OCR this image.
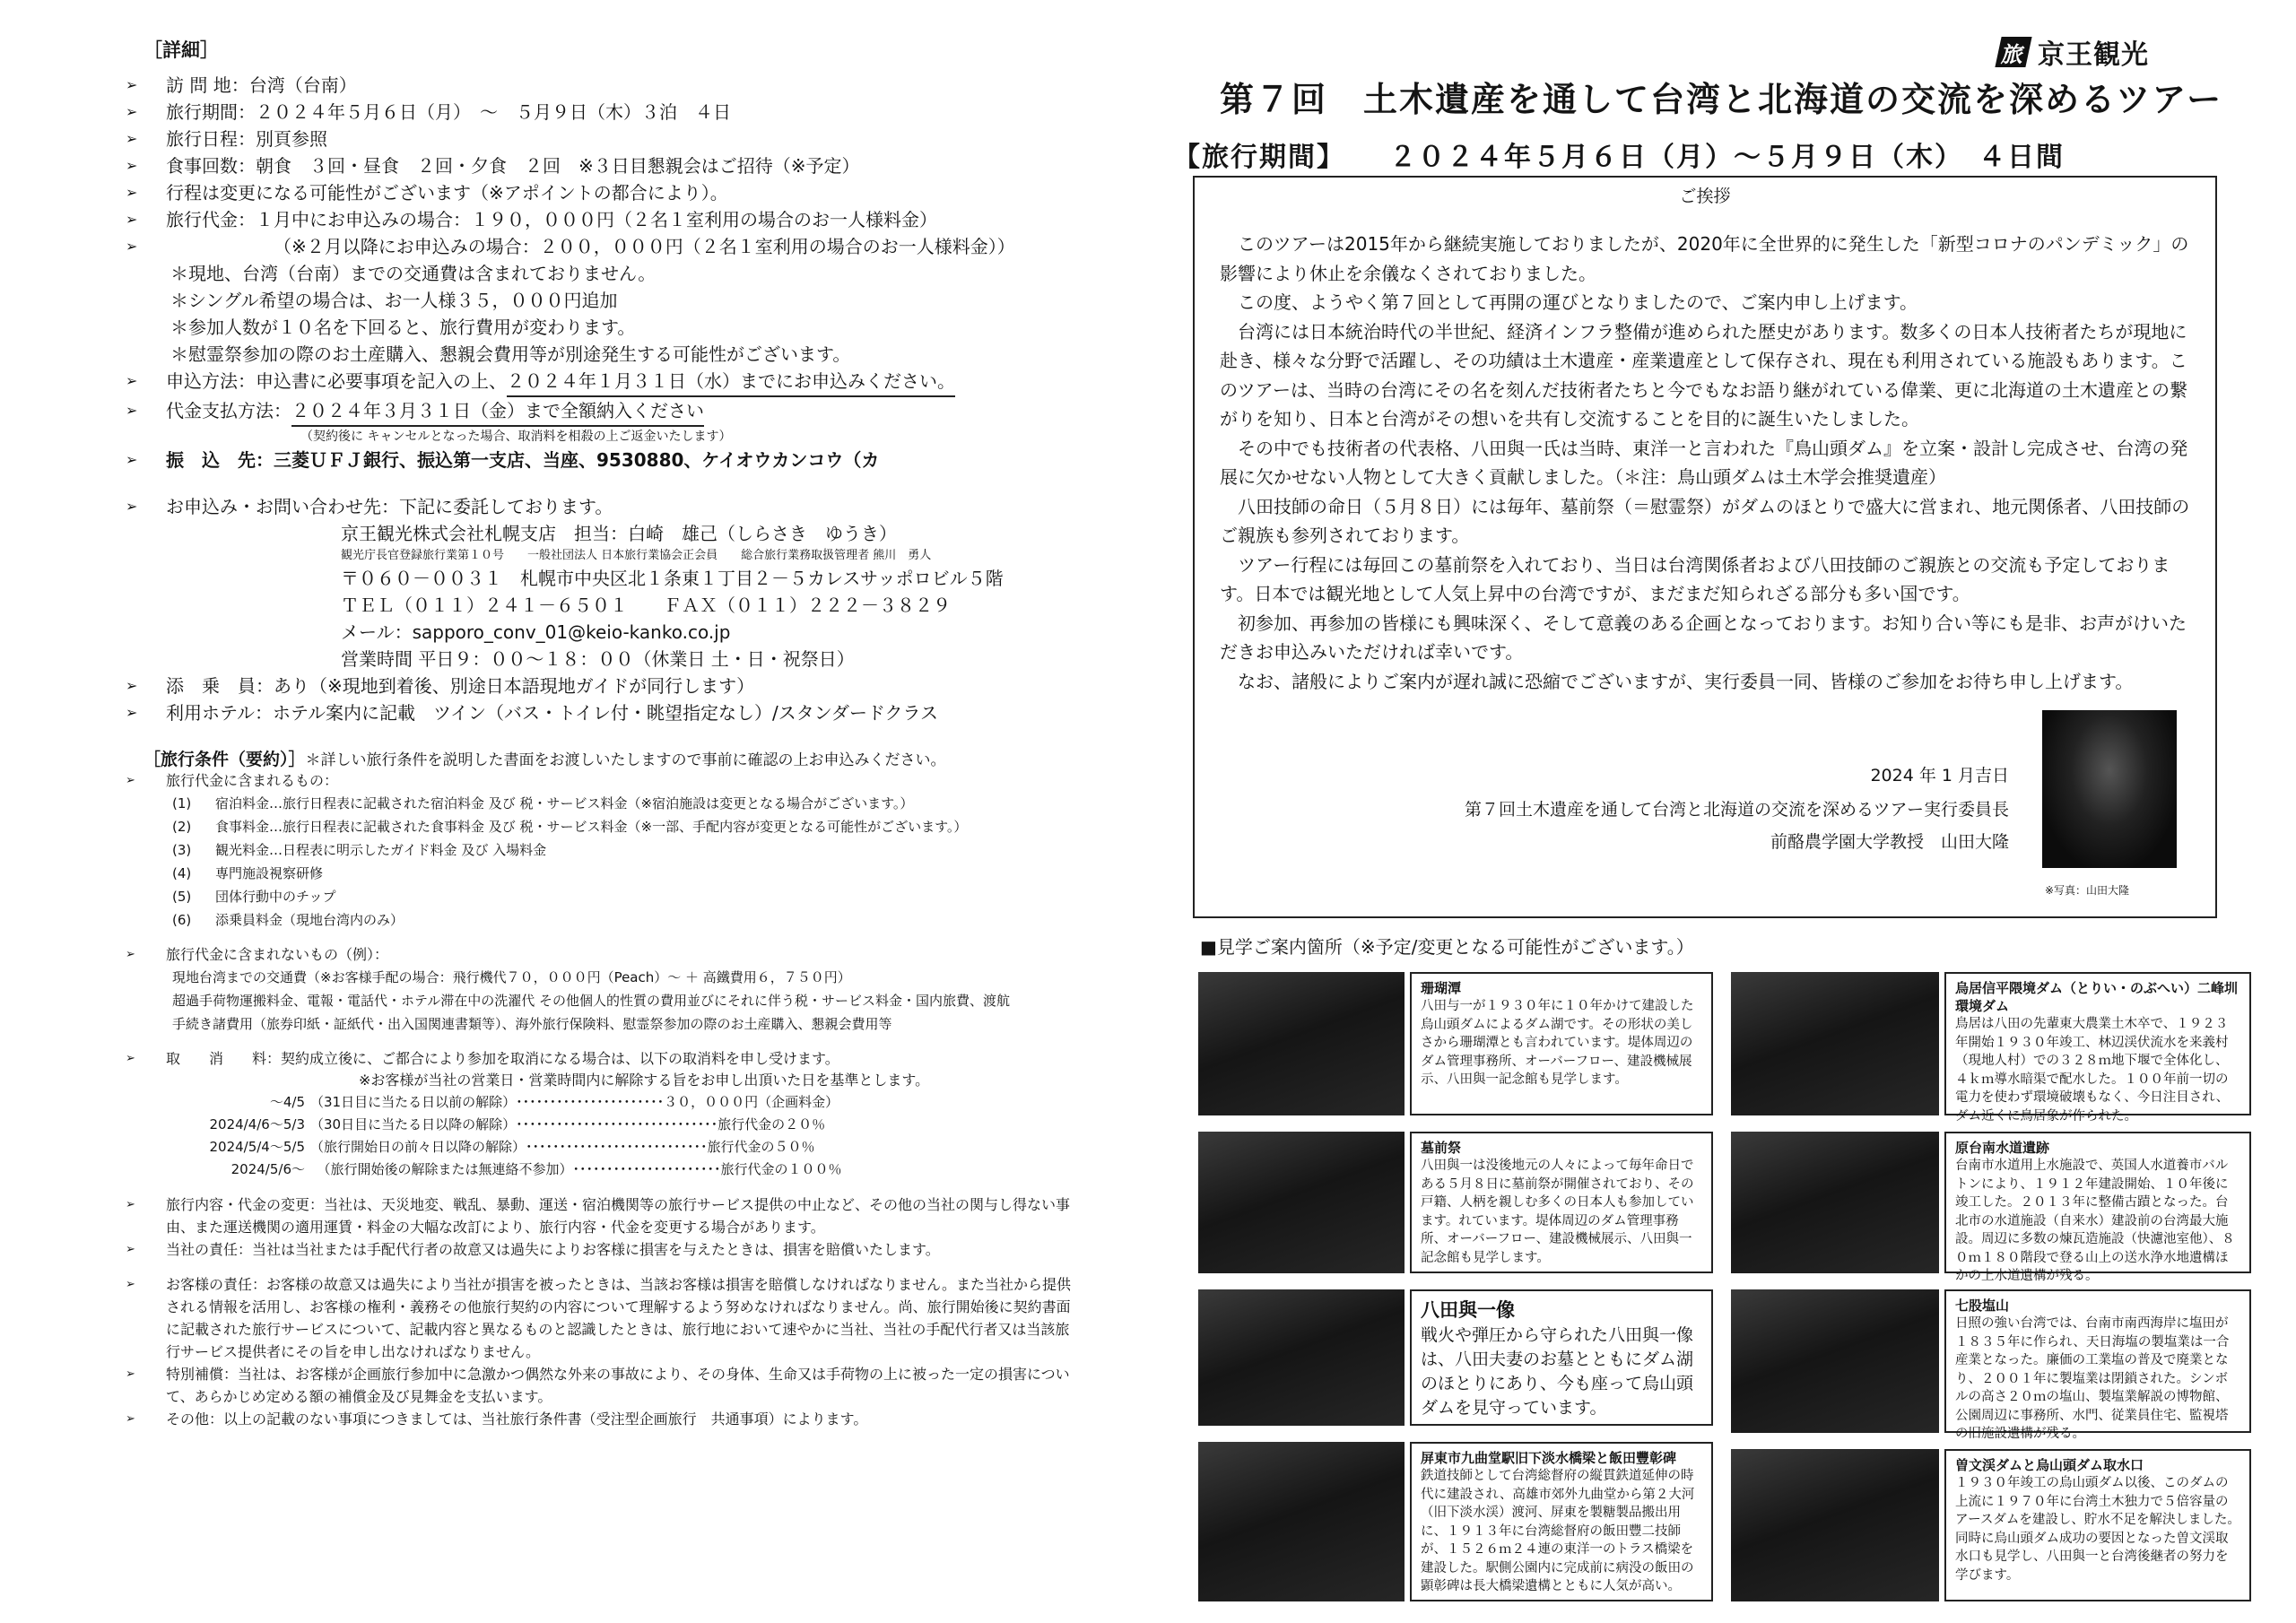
［詳細］
➢	訪 問 地：台湾（台南）
➢	旅行期間：２０２４年５月６日（月）　～　５月９日（木）３泊　４日
➢	旅行日程：別頁参照
➢	食事回数：朝食　３回・昼食　２回・夕食　２回　※３日目懇親会はご招待（※予定）
➢	行程は変更になる可能性がございます（※アポイントの都合により）。
➢	旅行代金：１月中にお申込みの場合：１９０，０００円（２名１室利用の場合のお一人様料金）
➢	（※２月以降にお申込みの場合：２００，０００円（２名１室利用の場合のお一人様料金））
＊現地、台湾（台南）までの交通費は含まれておりません。
＊シングル希望の場合は、お一人様３５，０００円追加
＊参加人数が１０名を下回ると、旅行費用が変わります。
＊慰霊祭参加の際のお土産購入、懇親会費用等が別途発生する可能性がございます。
➢	申込方法：申込書に必要事項を記入の上、 ２０２４年１月３１日（水）までにお申込みください。
➢	代金支払方法： ２０２４年３月３１日（金）まで全額納入ください
（契約後に キャンセルとなった場合、取消料を相殺の上ご返金いたします）
➢	振　込　先：三菱ＵＦＪ銀行、振込第一支店、当座、9530880、ケイオウカンコウ（カ
➢	お申込み・お問い合わせ先：下記に委託しております。
京王観光株式会社札幌支店　担当：白崎　雄己（しらさき　ゆうき）
観光庁長官登録旅行業第１０号　　一般社団法人 日本旅行業協会正会員　　総合旅行業務取扱管理者 熊川　勇人
〒０６０－００３１　札幌市中央区北１条東１丁目２－５カレスサッポロビル５階
ＴＥＬ（０１１）２４１－６５０１　　ＦＡＸ（０１１）２２２－３８２９
メール：sapporo_conv_01@keio-kanko.co.jp
営業時間 平日９：００～１８：００（休業日 土・日・祝祭日）
➢	添　乗　員：あり（※現地到着後、別途日本語現地ガイドが同行します）
➢	利用ホテル：ホテル案内に記載　ツイン（バス・トイレ付・眺望指定なし）/スタンダードクラス
［旅行条件（要約）］＊詳しい旅行条件を説明した書面をお渡しいたしますので事前に確認の上お申込みください。
➢	旅行代金に含まれるもの：
(1)	宿泊料金…旅行日程表に記載された宿泊料金 及び 税・サービス料金（※宿泊施設は変更となる場合がございます。）
(2)	食事料金…旅行日程表に記載された食事料金 及び 税・サービス料金（※一部、手配内容が変更となる可能性がございます。）
(3)	観光料金…日程表に明示したガイド料金 及び 入場料金
(4)	専門施設視察研修
(5)	団体行動中のチップ
(6)	添乗員料金（現地台湾内のみ）
➢	旅行代金に含まれないもの（例）：
現地台湾までの交通費（※お客様手配の場合：飛行機代７０，０００円（Peach）～ ＋ 高鐵費用６，７５０円）
超過手荷物運搬料金、電報・電話代・ホテル滞在中の洗濯代 その他個人的性質の費用並びにそれに伴う税・サービス料金・国内旅費、渡航
手続き諸費用（旅券印紙・証紙代・出入国関連書類等）、海外旅行保険料、慰霊祭参加の際のお土産購入、懇親会費用等
➢	取　　消　　料：契約成立後に、ご都合により参加を取消になる場合は、以下の取消料を申し受けます。
※お客様が当社の営業日・営業時間内に解除する旨をお申し出頂いた日を基準とします。
～4/5 （31日目に当たる日以前の解除）･･････････････････････３０，０００円（企画料金）
2024/4/6～5/3 （30日目に当たる日以降の解除）･･････････････････････････････旅行代金の２０％
2024/5/4～5/5 （旅行開始日の前々日以降の解除）･･･････････････････････････旅行代金の５０％
2024/5/6～ 　（旅行開始後の解除または無連絡不参加）･･････････････････････旅行代金の１００％
➢	旅行内容・代金の変更：当社は、天災地変、戦乱、暴動、運送・宿泊機関等の旅行サービス提供の中止など、その他の当社の関与し得ない事由、また運送機関の適用運賃・料金の大幅な改訂により、旅行内容・代金を変更する場合があります。
➢	当社の責任：当社は当社または手配代行者の故意又は過失によりお客様に損害を与えたときは、損害を賠償いたします。
➢	お客様の責任：お客様の故意又は過失により当社が損害を被ったときは、当該お客様は損害を賠償しなければなりません。また当社から提供される情報を活用し、お客様の権利・義務その他旅行契約の内容について理解するよう努めなければなりません。尚、旅行開始後に契約書面に記載された旅行サービスについて、記載内容と異なるものと認識したときは、旅行地において速やかに当社、当社の手配代行者又は当該旅行サービス提供者にその旨を申し出なければなりません。
➢	特別補償：当社は、お客様が企画旅行参加中に急激かつ偶然な外来の事故により、その身体、生命又は手荷物の上に被った一定の損害について、あらかじめ定める額の補償金及び見舞金を支払います。
➢	その他：以上の記載のない事項につきましては、当社旅行条件書（受注型企画旅行　共通事項）によります。
旅 京王観光
第７回　土木遺産を通して台湾と北海道の交流を深めるツアー
【旅行期間】　　２０２４年５月６日（月）～５月９日（木）　４日間
ご挨拶

このツアーは2015年から継続実施しておりましたが、2020年に全世界的に発生した「新型コロナのパンデミック」の影響により休止を余儀なくされておりました。

この度、ようやく第７回として再開の運びとなりましたので、ご案内申し上げます。

台湾には日本統治時代の半世紀、経済インフラ整備が進められた歴史があります。数多くの日本人技術者たちが現地に赴き、様々な分野で活躍し、その功績は土木遺産・産業遺産として保存され、現在も利用されている施設もあります。このツアーは、当時の台湾にその名を刻んだ技術者たちと今でもなお語り継がれている偉業、更に北海道の土木遺産との繋がりを知り、日本と台湾がその想いを共有し交流することを目的に誕生いたしました。

その中でも技術者の代表格、八田與一氏は当時、東洋一と言われた『鳥山頭ダム』を立案・設計し完成させ、台湾の発展に欠かせない人物として大きく貢献しました。（＊注：鳥山頭ダムは土木学会推奨遺産）

八田技師の命日（５月８日）には毎年、墓前祭（＝慰霊祭）がダムのほとりで盛大に営まれ、地元関係者、八田技師のご親族も参列されております。

ツアー行程には毎回この墓前祭を入れており、当日は台湾関係者および八田技師のご親族との交流も予定しております。日本では観光地として人気上昇中の台湾ですが、まだまだ知られざる部分も多い国です。

初参加、再参加の皆様にも興味深く、そして意義のある企画となっております。お知り合い等にも是非、お声がけいただきお申込みいただければ幸いです。

なお、諸般によりご案内が遅れ誠に恐縮でございますが、実行委員一同、皆様のご参加をお待ち申し上げます。

2024 年 1 月吉日
第７回土木遺産を通して台湾と北海道の交流を深めるツアー実行委員長
前酪農学園大学教授　山田大隆
※写真：山田大隆
■見学ご案内箇所（※予定/変更となる可能性がございます。）
珊瑚潭
八田与一が１９３０年に１０年かけて建設した烏山頭ダムによるダム湖です。その形状の美しさから珊瑚潭とも言われています。堤体周辺のダム管理事務所、オーバーフロー、建設機械展示、八田與一記念館も見学します。
墓前祭
八田與一は没後地元の人々によって毎年命日である５月８日に墓前祭が開催されており、その戸籍、人柄を親しむ多くの日本人も参加しています。れています。堤体周辺のダム管理事務所、オーバーフロー、建設機械展示、八田與一記念館も見学します。
八田與一像
戦火や弾圧から守られた八田與一像は、八田夫妻のお墓とともにダム湖のほとりにあり、今も座って烏山頭ダムを見守っています。
屏東市九曲堂駅旧下淡水橋梁と飯田豐彰碑
鉄道技師として台湾総督府の縦貫鉄道延伸の時代に建設され、高雄市郊外九曲堂から第２大河（旧下淡水渓）渡河、屏東を製糖製品搬出用に、１９１３年に台湾総督府の飯田豐二技師が、１５２６ｍ２４連の東洋一のトラス橋梁を建設した。駅側公園内に完成前に病没の飯田の顕彰碑は長大橋梁遺構とともに人気が高い。
烏居信平隈境ダム（とりい・のぶへい）二峰圳環境ダム
鳥居は八田の先輩東大農業土木卒で、１９２３年開始１９３０年竣工、林辺渓伏流水を来義村（現地人村）での３２８ｍ地下堰で全体化し、４ｋｍ導水暗渠で配水した。１００年前一切の電力を使わず環境破壊もなく、今日注目され、ダム近くに鳥居象が作られた。
原台南水道遺跡
台南市水道用上水施設で、英国人水道養市バルトンにより、１９１２年建設開始、１０年後に竣工した。２０１３年に整備古蹟となった。台北市の水道施設（自来水）建設前の台湾最大施設。周辺に多数の煉瓦造施設（快濾池室他）、８０ｍ１８０階段で登る山上の送水浄水地遺構ほかの上水道遺構が残る。
七股塩山
日照の強い台湾では、台南市南西海岸に塩田が１８３５年に作られ、天日海塩の製塩業は一合産業となった。廉価の工業塩の普及で廃業となり、２００１年に製塩業は閉鎖された。シンボルの高さ２０ｍの塩山、製塩業解説の博物館、公園周辺に事務所、水門、従業員住宅、監視塔の旧施設遺構が残る。
曽文渓ダムと烏山頭ダム取水口
１９３０年竣工の烏山頭ダム以後、このダムの上流に１９７０年に台湾土木独力で５倍容量のアースダムを建設し、貯水不足を解決しました。同時に烏山頭ダム成功の要因となった曽文渓取水口も見学し、八田與一と台湾後継者の努力を学びます。
